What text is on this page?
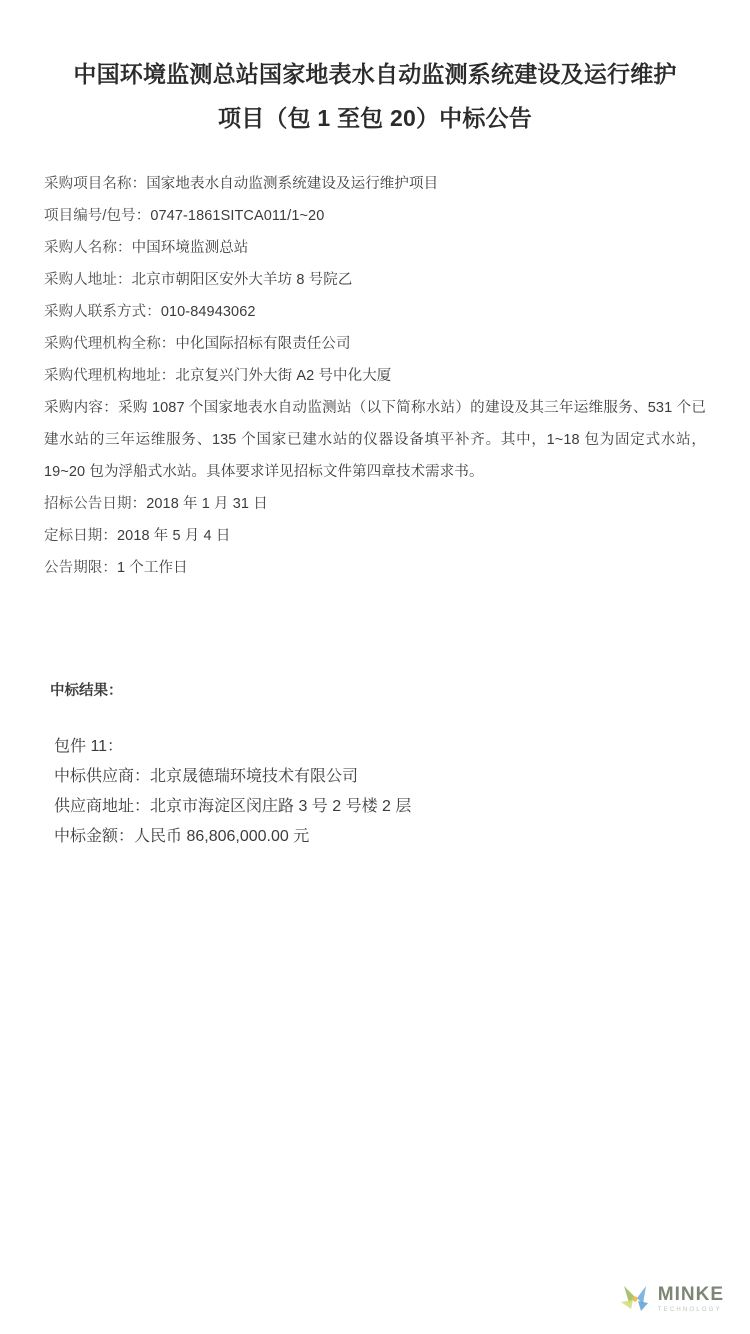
中国环境监测总站国家地表水自动监测系统建设及运行维护
项目（包 1 至包 20）中标公告
采购项目名称：国家地表水自动监测系统建设及运行维护项目
项目编号/包号：0747-1861SITCA011/1~20
采购人名称：中国环境监测总站
采购人地址：北京市朝阳区安外大羊坊 8 号院乙
采购人联系方式：010-84943062
采购代理机构全称：中化国际招标有限责任公司
采购代理机构地址：北京复兴门外大街 A2 号中化大厦
采购内容：采购 1087 个国家地表水自动监测站（以下简称水站）的建设及其三年运维服务、531 个已建水站的三年运维服务、135 个国家已建水站的仪器设备填平补齐。其中，1~18 包为固定式水站，19~20 包为浮船式水站。具体要求详见招标文件第四章技术需求书。
招标公告日期：2018 年 1 月 31 日
定标日期：2018 年 5 月 4 日
公告期限：1 个工作日
中标结果：
包件 11：
中标供应商：北京晟德瑞环境技术有限公司
供应商地址：北京市海淀区闵庄路 3 号 2 号楼 2 层
中标金额：人民币 86,806,000.00 元
MINKE
TECHNOLOGY
